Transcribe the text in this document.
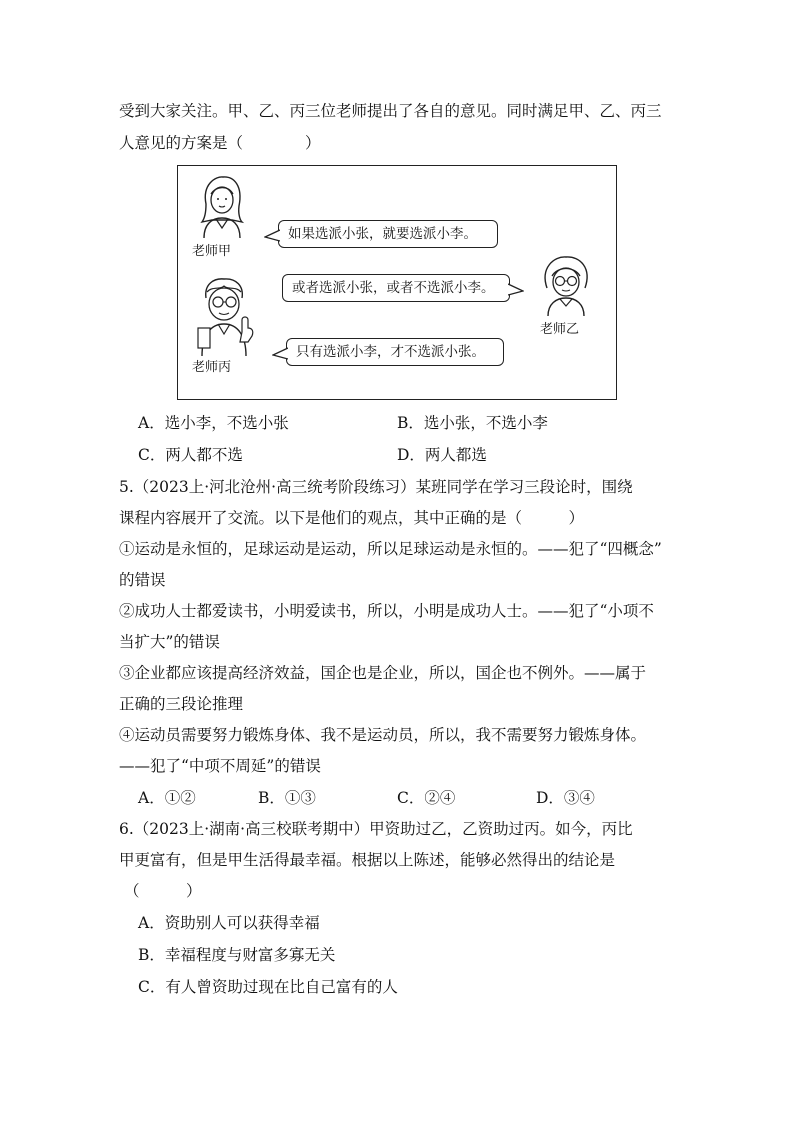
受到大家关注。甲、乙、丙三位老师提出了各自的意见。同时满足甲、乙、丙三
人意见的方案是（　　　　）
老师甲
如果选派小张，就要选派小李。
或者选派小张，或者不选派小李。
老师乙
老师丙
只有选派小李，才不选派小张。
A．选小李，不选小张	B．选小张，不选小李
C．两人都不选	D．两人都选
5.（2023上·河北沧州·高三统考阶段练习）某班同学在学习三段论时，围绕
课程内容展开了交流。以下是他们的观点，其中正确的是（　　　）
①运动是永恒的，足球运动是运动，所以足球运动是永恒的。——犯了“四概念”
的错误
②成功人士都爱读书，小明爱读书，所以，小明是成功人士。——犯了“小项不
当扩大”的错误
③企业都应该提高经济效益，国企也是企业，所以，国企也不例外。——属于
正确的三段论推理
④运动员需要努力锻炼身体、我不是运动员，所以，我不需要努力锻炼身体。
——犯了“中项不周延”的错误
A．①②	B．①③	C．②④	D．③④
6.（2023上·湖南·高三校联考期中）甲资助过乙，乙资助过丙。如今，丙比
甲更富有，但是甲生活得最幸福。根据以上陈述，能够必然得出的结论是
（　　　）
A．资助别人可以获得幸福
B．幸福程度与财富多寡无关
C．有人曾资助过现在比自己富有的人
